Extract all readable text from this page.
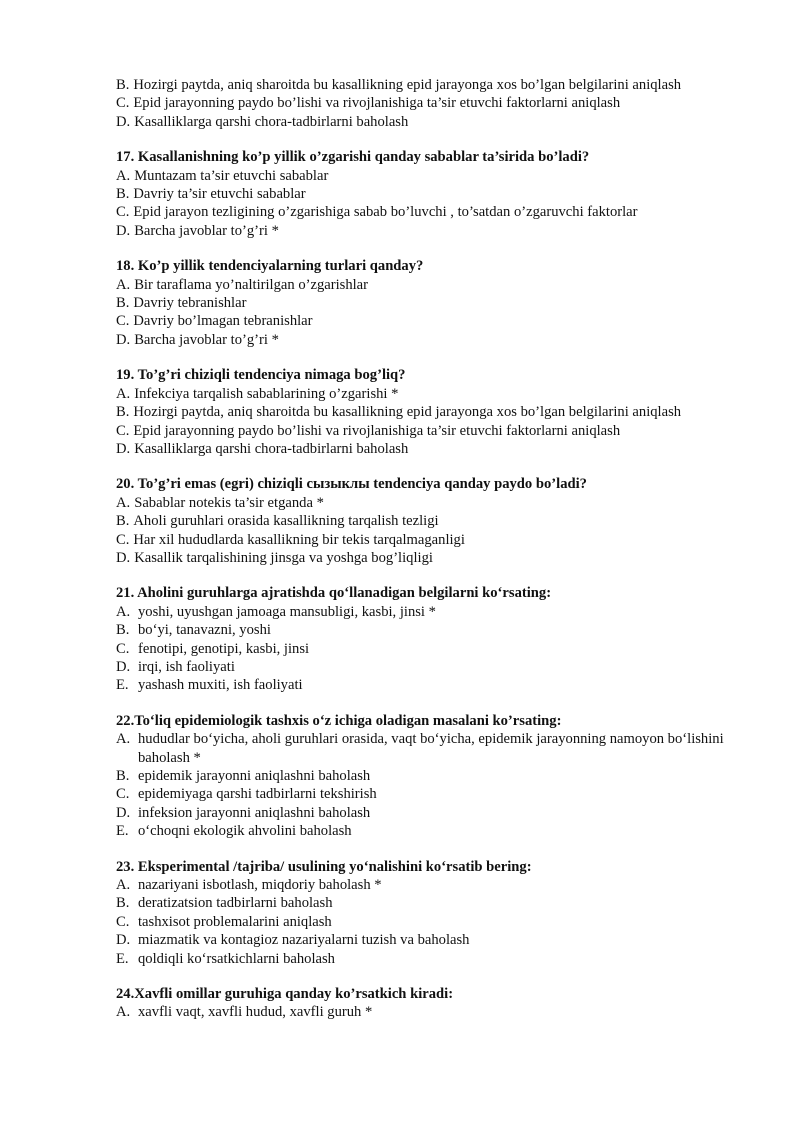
B. Hozirgi paytda, aniq sharoitda bu kasallikning epid jarayonga xos bo’lgan belgilarini aniqlash
C. Epid jarayonning paydo bo’lishi va rivojlanishiga ta’sir etuvchi faktorlarni aniqlash
D. Kasalliklarga qarshi chora-tadbirlarni baholash

17. Kasallanishning ko’p yillik o’zgarishi qanday sabablar ta’sirida bo’ladi?

A. Muntazam ta’sir etuvchi sabablar
B. Davriy ta’sir etuvchi sabablar
C. Epid jarayon tezligining o’zgarishiga sabab bo’luvchi , to’satdan o’zgaruvchi faktorlar
D. Barcha javoblar to’g’ri *

18. Ko’p yillik tendenciyalarning turlari qanday?

A. Bir taraflama yo’naltirilgan o’zgarishlar
B. Davriy tebranishlar
C. Davriy bo’lmagan tebranishlar
D. Barcha javoblar to’g’ri *

19. To’g’ri chiziqli tendenciya nimaga bog’liq?

A. Infekciya tarqalish sabablarining o’zgarishi *
B. Hozirgi paytda, aniq sharoitda bu kasallikning epid jarayonga xos bo’lgan belgilarini aniqlash
C. Epid jarayonning paydo bo’lishi va rivojlanishiga ta’sir etuvchi faktorlarni aniqlash
D. Kasalliklarga qarshi chora-tadbirlarni baholash

20. To’g’ri emas (egri) chiziqli сызыклы tendenciya qanday paydo bo’ladi?

A. Sabablar notekis ta’sir etganda *
B. Aholi guruhlari orasida kasallikning tarqalish tezligi
C. Har xil hududlarda kasallikning bir tekis tarqalmaganligi
D. Kasallik tarqalishining jinsga va yoshga bog’liqligi

21. Aholini guruhlarga ajratishda qo‘llanadigan belgilarni ko‘rsating:

A. yoshi, uyushgan jamoaga mansubligi, kasbi, jinsi *
B. bo‘yi, tanavazni, yoshi
C. fenotipi, genotipi, kasbi, jinsi
D. irqi, ish faoliyati
E. yashash muxiti, ish faoliyati

22.To‘liq epidemiologik tashxis o‘z ichiga oladigan masalani ko’rsating:

A. hududlar bo‘yicha, aholi guruhlari orasida, vaqt bo‘yicha, epidemik jarayonning namoyon bo‘lishini baholash *
B. epidemik jarayonni aniqlashni baholash
C. epidemiyaga qarshi tadbirlarni tekshirish
D. infeksion jarayonni aniqlashni baholash
E. o‘choqni ekologik ahvolini baholash

23. Eksperimental /tajriba/ usulining yo‘nalishini ko‘rsatib bering:

A. nazariyani isbotlash, miqdoriy baholash *
B. deratizatsion tadbirlarni baholash
C. tashxisot problemalarini aniqlash
D. miazmatik va kontagioz nazariyalarni tuzish va baholash
E. qoldiqli ko‘rsatkichlarni baholash

24.Xavfli omillar guruhiga qanday ko’rsatkich kiradi:

A. xavfli vaqt, xavfli hudud, xavfli guruh *
